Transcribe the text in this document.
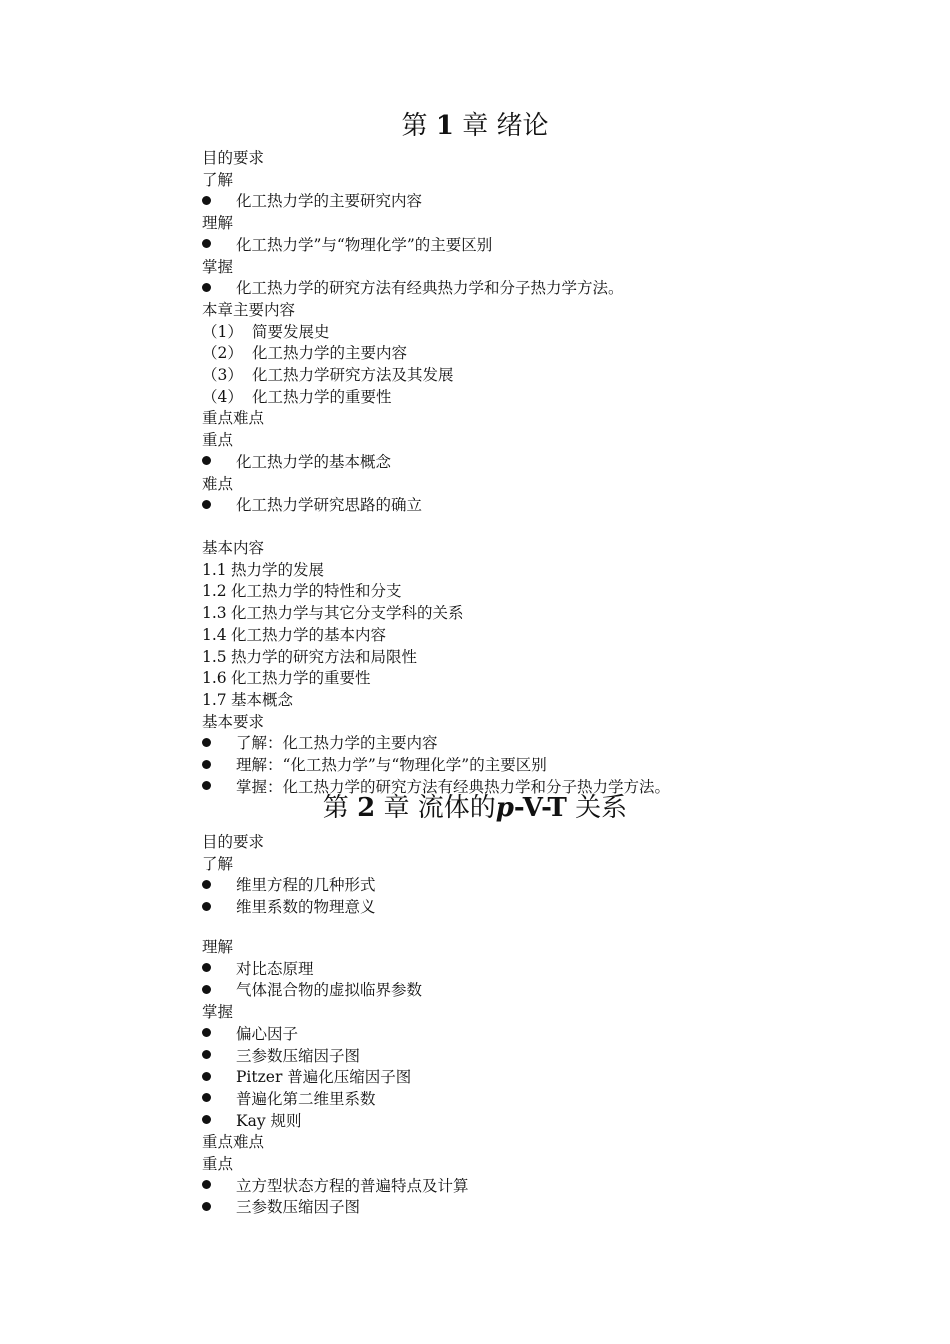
第 1 章 绪论
目的要求
了解
化工热力学的主要研究内容
理解
化工热力学”与“物理化学”的主要区别
掌握
化工热力学的研究方法有经典热力学和分子热力学方法。
本章主要内容
（1） 简要发展史
（2） 化工热力学的主要内容
（3） 化工热力学研究方法及其发展
（4） 化工热力学的重要性
重点难点
重点
化工热力学的基本概念
难点
化工热力学研究思路的确立
基本内容
1.1 热力学的发展
1.2 化工热力学的特性和分支
1.3 化工热力学与其它分支学科的关系
1.4 化工热力学的基本内容
1.5 热力学的研究方法和局限性
1.6 化工热力学的重要性
1.7 基本概念
基本要求
了解：化工热力学的主要内容
理解：“化工热力学”与“物理化学”的主要区别
掌握：化工热力学的研究方法有经典热力学和分子热力学方法。
第 2 章 流体的p-V-T 关系
目的要求
了解
维里方程的几种形式
维里系数的物理意义
理解
对比态原理
气体混合物的虚拟临界参数
掌握
偏心因子
三参数压缩因子图
Pitzer 普遍化压缩因子图
普遍化第二维里系数
Kay 规则
重点难点
重点
立方型状态方程的普遍特点及计算
三参数压缩因子图
